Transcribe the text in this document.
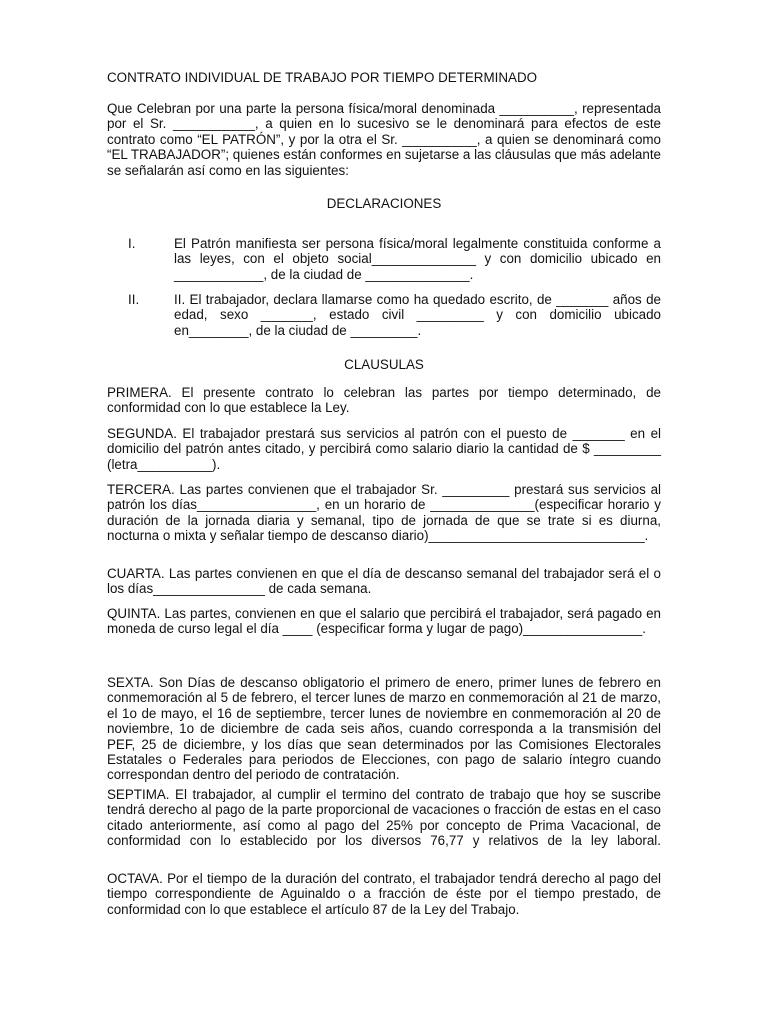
CONTRATO INDIVIDUAL DE TRABAJO POR TIEMPO DETERMINADO

Que Celebran por una parte la persona física/moral denominada __________, representada por el Sr. ___________, a quien en lo sucesivo se le denominará para efectos de este contrato como “EL PATRÓN”, y por la otra el Sr. __________, a quien se denominará como “EL TRABAJADOR”; quienes están conformes en sujetarse a las cláusulas que más adelante se señalarán así como en las siguientes:

DECLARACIONES

I.	El Patrón manifiesta ser persona física/moral legalmente constituida conforme a las leyes, con el objeto social______________ y con domicilio ubicado en ____________, de la ciudad de ______________.

II.	II. El trabajador, declara llamarse como ha quedado escrito, de _______ años de edad, sexo _______, estado civil _________ y con domicilio ubicado en________, de la ciudad de _________.

CLAUSULAS

PRIMERA. El presente contrato lo celebran las partes por tiempo determinado, de conformidad con lo que establece la Ley.

SEGUNDA. El trabajador prestará sus servicios al patrón con el puesto de _______ en el domicilio del patrón antes citado, y percibirá como salario diario la cantidad de $ _________ (letra__________).

TERCERA. Las partes convienen que el trabajador Sr. _________ prestará sus servicios al patrón los días________________, en un horario de ______________(especificar horario y duración de la jornada diaria y semanal, tipo de jornada de que se trate si es diurna, nocturna o mixta y señalar tiempo de descanso diario)_____________________________.

CUARTA. Las partes convienen en que el día de descanso semanal del trabajador será el o los días_______________ de cada semana.

QUINTA. Las partes, convienen en que el salario que percibirá el trabajador, será pagado en moneda de curso legal el día ____ (especificar forma y lugar de pago)________________.

SEXTA. Son Días de descanso obligatorio el primero de enero, primer lunes de febrero en conmemoración al 5 de febrero, el tercer lunes de marzo en conmemoración al 21 de marzo, el 1o de mayo, el 16 de septiembre, tercer lunes de noviembre en conmemoración al 20 de noviembre, 1o de diciembre de cada seis años, cuando corresponda a la transmisión del PEF, 25 de diciembre, y los días que sean determinados por las Comisiones Electorales Estatales o Federales para periodos de Elecciones, con pago de salario íntegro cuando correspondan dentro del periodo de contratación.

SEPTIMA. El trabajador, al cumplir el termino del contrato de trabajo que hoy se suscribe tendrá derecho al pago de la parte proporcional de vacaciones o fracción de estas en el caso citado anteriormente, así como al pago del 25% por concepto de Prima Vacacional, de conformidad con lo establecido por los diversos 76,77 y relativos de la ley laboral.

OCTAVA. Por el tiempo de la duración del contrato, el trabajador tendrá derecho al pago del tiempo correspondiente de Aguinaldo o a fracción de éste por el tiempo prestado, de conformidad con lo que establece el artículo 87 de la Ley del Trabajo.
